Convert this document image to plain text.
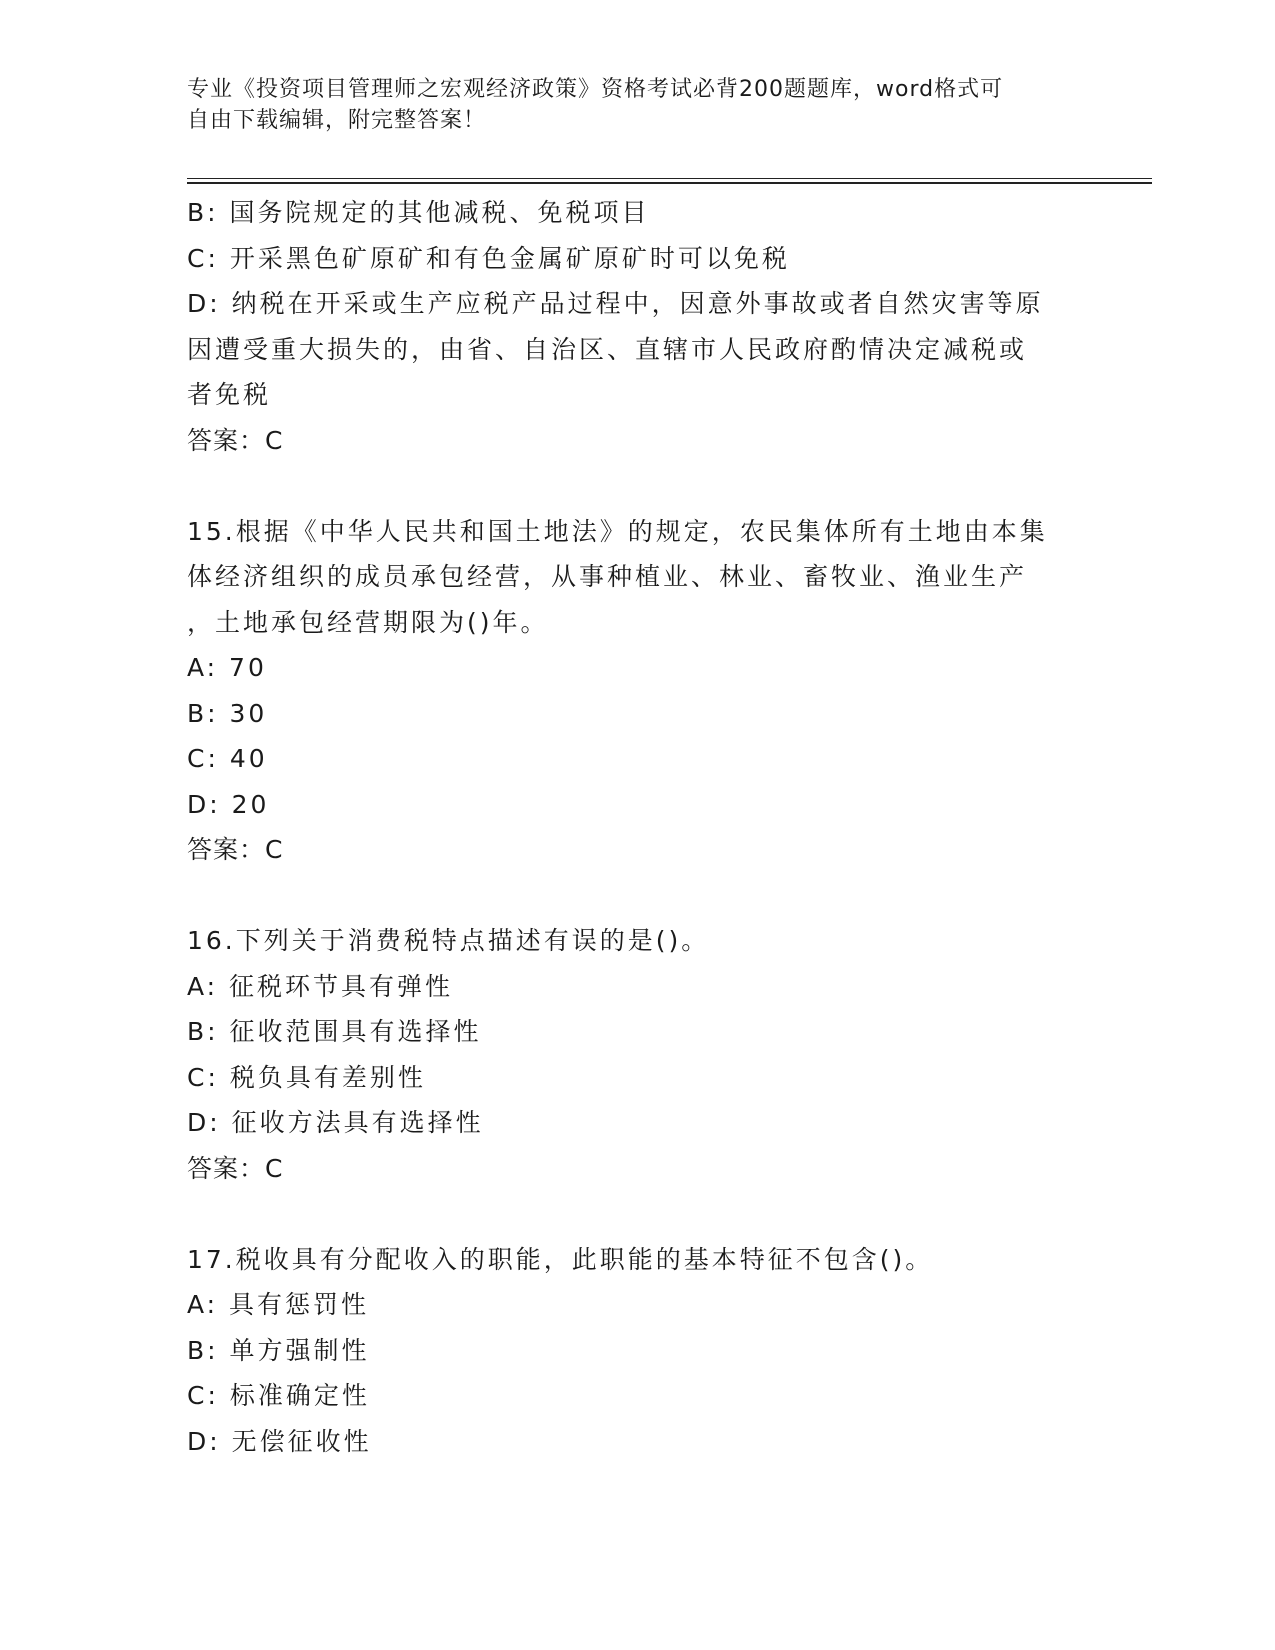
专业《投资项目管理师之宏观经济政策》资格考试必背200题题库，word格式可
自由下载编辑，附完整答案！
B: 国务院规定的其他减税、免税项目
C: 开采黑色矿原矿和有色金属矿原矿时可以免税
D: 纳税在开采或生产应税产品过程中，因意外事故或者自然灾害等原
因遭受重大损失的，由省、自治区、直辖市人民政府酌情决定减税或
者免税
答案：C
15.根据《中华人民共和国土地法》的规定，农民集体所有土地由本集
体经济组织的成员承包经营，从事种植业、林业、畜牧业、渔业生产
，土地承包经营期限为()年。
A: 70
B: 30
C: 40
D: 20
答案：C
16.下列关于消费税特点描述有误的是()。
A: 征税环节具有弹性
B: 征收范围具有选择性
C: 税负具有差别性
D: 征收方法具有选择性
答案：C
17.税收具有分配收入的职能，此职能的基本特征不包含()。
A: 具有惩罚性
B: 单方强制性
C: 标准确定性
D: 无偿征收性
